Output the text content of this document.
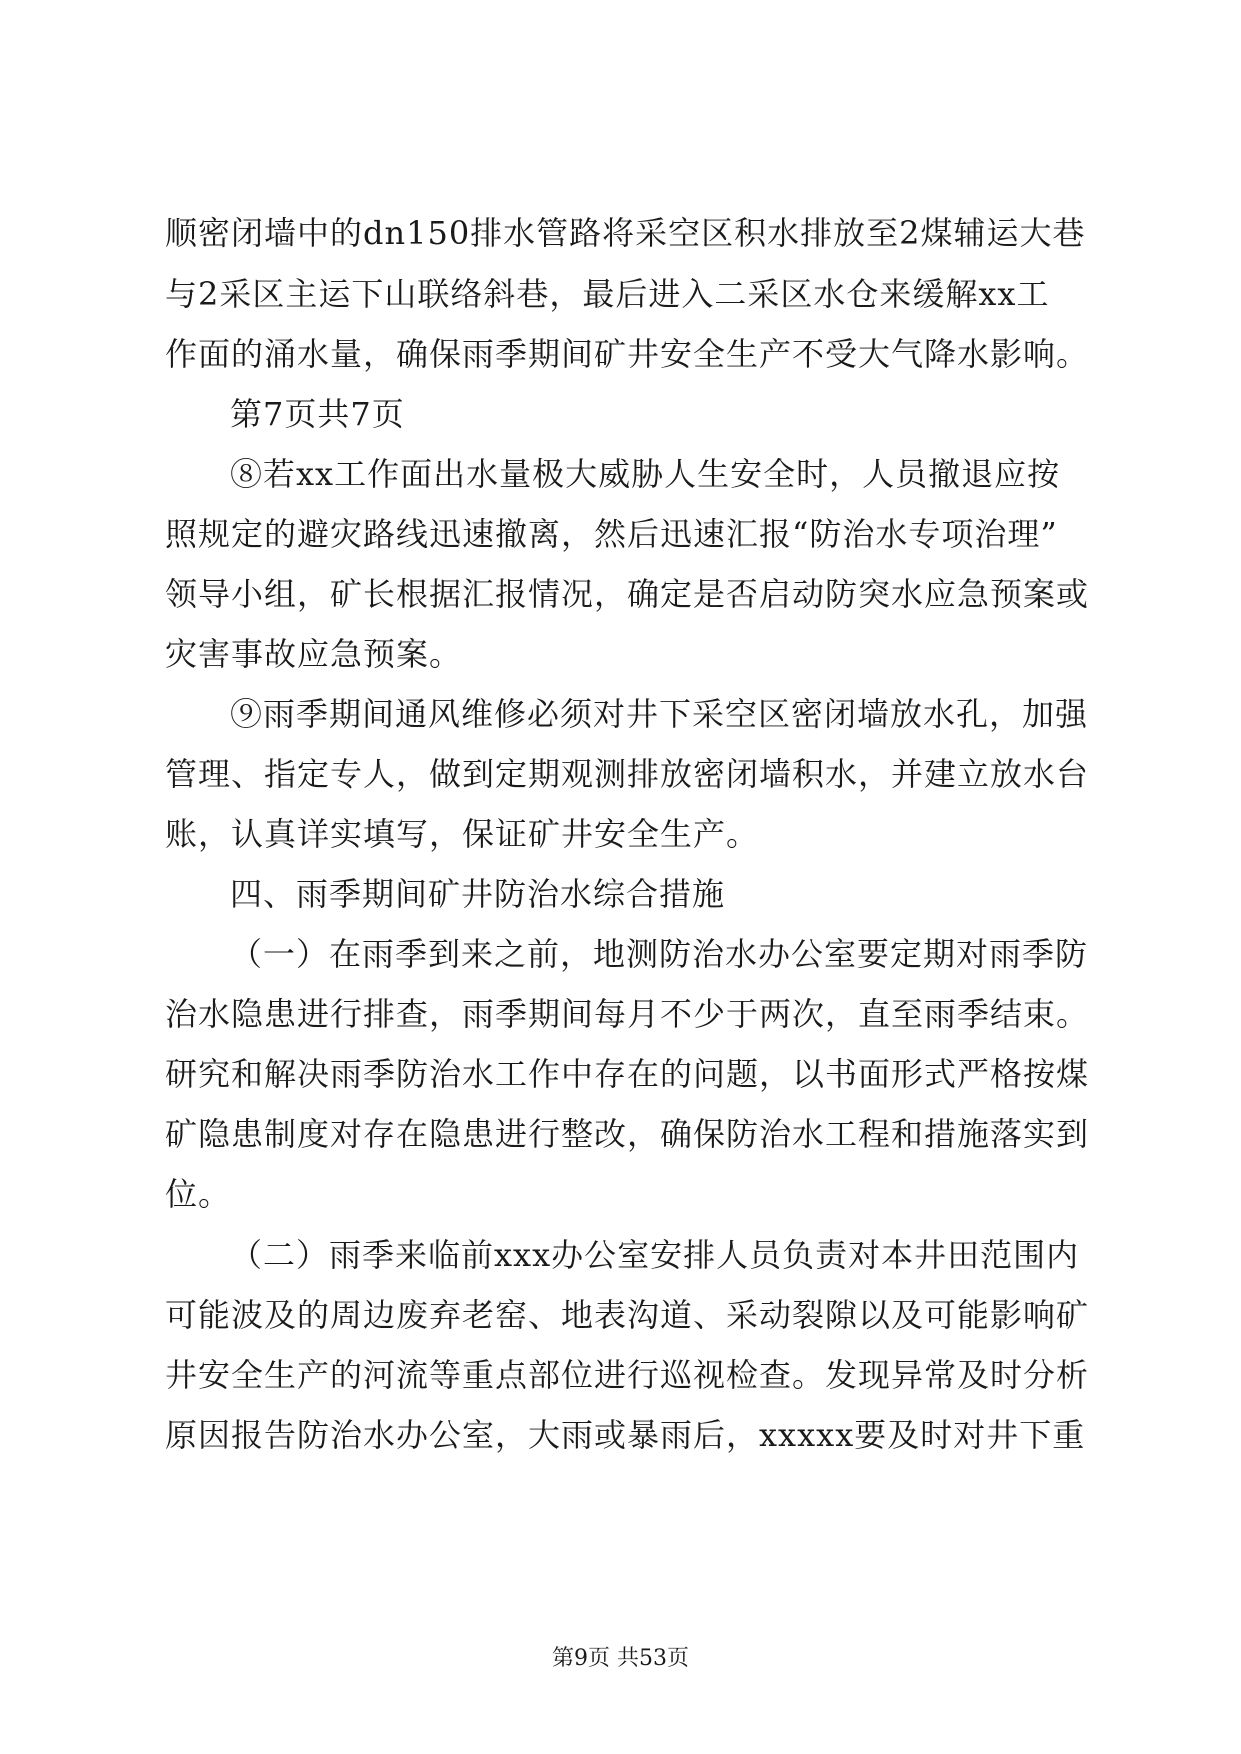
顺密闭墙中的dn150排水管路将采空区积水排放至2煤辅运大巷
与2采区主运下山联络斜巷，最后进入二采区水仓来缓解xx工
作面的涌水量，确保雨季期间矿井安全生产不受大气降水影响。
第7页共7页
⑧若xx工作面出水量极大威胁人生安全时，人员撤退应按
照规定的避灾路线迅速撤离，然后迅速汇报“防治水专项治理”
领导小组，矿长根据汇报情况，确定是否启动防突水应急预案或
灾害事故应急预案。
⑨雨季期间通风维修必须对井下采空区密闭墙放水孔，加强
管理、指定专人，做到定期观测排放密闭墙积水，并建立放水台
账，认真详实填写，保证矿井安全生产。
四、雨季期间矿井防治水综合措施
（一）在雨季到来之前，地测防治水办公室要定期对雨季防
治水隐患进行排查，雨季期间每月不少于两次，直至雨季结束。
研究和解决雨季防治水工作中存在的问题，以书面形式严格按煤
矿隐患制度对存在隐患进行整改，确保防治水工程和措施落实到
位。
（二）雨季来临前xxx办公室安排人员负责对本井田范围内
可能波及的周边废弃老窑、地表沟道、采动裂隙以及可能影响矿
井安全生产的河流等重点部位进行巡视检查。发现异常及时分析
原因报告防治水办公室，大雨或暴雨后，xxxxx要及时对井下重
第9页 共53页
